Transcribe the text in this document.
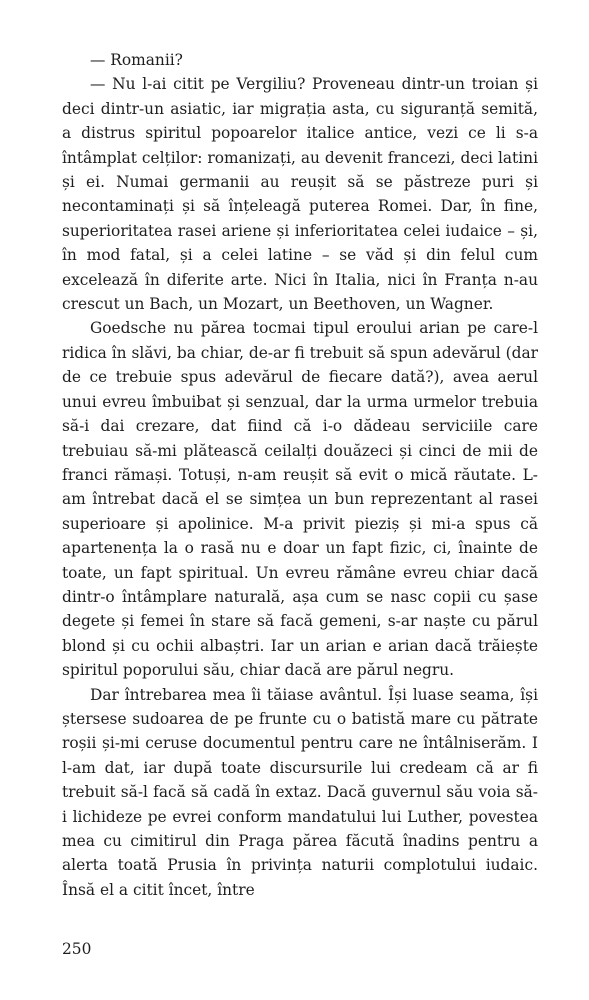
— Romanii?

— Nu l-ai citit pe Vergiliu? Proveneau dintr-un troian și deci dintr-un asiatic, iar migrația asta, cu siguranță semită, a distrus spiritul popoarelor italice antice, vezi ce li s-a întâmplat celților: romanizați, au devenit francezi, deci latini și ei. Numai germanii au reușit să se păstreze puri și necontaminați și să înțeleagă puterea Romei. Dar, în fine, superioritatea rasei ariene și inferioritatea celei iudaice – și, în mod fatal, și a celei latine – se văd și din felul cum excelează în diferite arte. Nici în Italia, nici în Franța n-au crescut un Bach, un Mozart, un Beethoven, un Wagner.

Goedsche nu părea tocmai tipul eroului arian pe care-l ridica în slăvi, ba chiar, de-ar fi trebuit să spun adevărul (dar de ce trebuie spus adevărul de fiecare dată?), avea aerul unui evreu îmbuibat și senzual, dar la urma urmelor trebuia să-i dai crezare, dat fiind că i-o dădeau serviciile care trebuiau să-mi plătească ceilalți douăzeci și cinci de mii de franci rămași. Totuși, n-am reușit să evit o mică răutate. L-am întrebat dacă el se simțea un bun reprezentant al rasei superioare și apolinice. M-a privit pieziș și mi-a spus că apartenența la o rasă nu e doar un fapt fizic, ci, înainte de toate, un fapt spiritual. Un evreu rămâne evreu chiar dacă dintr-o întâmplare naturală, așa cum se nasc copii cu șase degete și femei în stare să facă gemeni, s-ar naște cu părul blond și cu ochii albaștri. Iar un arian e arian dacă trăiește spiritul poporului său, chiar dacă are părul negru.

Dar întrebarea mea îi tăiase avântul. Își luase seama, își ștersese sudoarea de pe frunte cu o batistă mare cu pătrate roșii și-mi ceruse documentul pentru care ne întâlniserăm. I l-am dat, iar după toate discursurile lui credeam că ar fi trebuit să-l facă să cadă în extaz. Dacă guvernul său voia să-i lichideze pe evrei conform mandatului lui Luther, povestea mea cu cimitirul din Praga părea făcută înadins pentru a alerta toată Prusia în privința naturii complotului iudaic. Însă el a citit încet, între

250
